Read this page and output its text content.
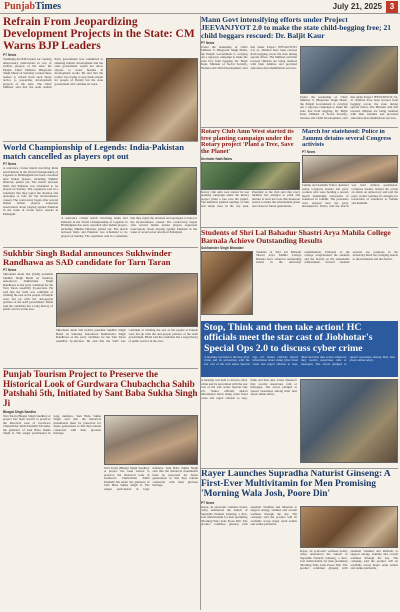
PunjabTimes	July 21, 2025 3
Refrain From Jeopardizing Development Projects in the State: CM Warns BJP Leaders
PT News
Slamming the BJP leaders for creating unnecessary obstructions in way of welfare projects of the state, the Punjab Chief Minister Bhagwant Singh Mann on Saturday warned these leaders to refrain from such cheap tactics to jeopardize development projects of the state. The Chief Minister said that the Aam Aadmi Party government was committed to ensuring holistic development and the state government would not allow anyone to create hurdles in development works. He said that the Centre was trying to stop funds meant for people of Punjab but the state government will continue its work.
World Championship of Legends: India-Pakistan match cancelled as players opt out
PT News
A relevance cricket match involving India and Pakistan in the World Championship of Legends in Birmingham has been cancelled after Indian players, including Shikhar Dhawan, pulled out. The match between India and Pakistan was scheduled to be played on Sunday. The organisers said in a statement that they regret the decision and apologise to fans for the inconvenience caused. The controversy began after several Indian former players expressed reservations about playing against Pakistan in the wake of recent terror attacks in Pahalgam.
A relevance cricket match involving India and Pakistan in the World Championship of Legends in Birmingham has been cancelled after Indian players, including Shikhar Dhawan, pulled out. The match between India and Pakistan was scheduled to be played on Sunday. The organisers said in a statement that they regret the decision and apologise to fans for the inconvenience caused. The controversy began after several Indian former players expressed reservations about playing against Pakistan in the wake of recent terror attacks in Pahalgam.
Sukhbir Singh Badal announces Sukhwinder Randhawa as SAD candidate for Tarn Taran
PT News
Shiromani Akali Dal (SAD) president Sukhbir Singh Badal on Saturday announced Sukhwinder Singh Randhawa as the party candidate for the Tarn Taran assembly by-election. He said that the SAD was confident of winning the seat as the people of Punjab were fed up with the anti-people policies of the AAP government. Badal said the candidate has a long history of public service in the area.
Shiromani Akali Dal (SAD) president Sukhbir Singh Badal on Saturday announced Sukhwinder Singh Randhawa as the party candidate for the Tarn Taran assembly by-election. He said that the SAD was confident of winning the seat as the people of Punjab were fed up with the anti-people policies of the AAP government. Badal said the candidate has a long history of public service in the area.
Punjab Tourism Project to Preserve the Historical Look of Gurdwara Chubachcha Sahib Patshahi 5th, Initiated by Sant Baba Sukha Singh Ji
Bhagat Singh Sandhu
Tarn Taran (Bhagat Singh Sandhu): A project has been started to preserve the historical look of Gurdwara Chubachcha Sahib Patshahi 5th under the guidance of Sant Baba Sukha Singh Ji. The sangat participated in large numbers. Sant Baba Sukha Singh said that the historical monuments must be preserved for future generations so that they remain connected with their glorious heritage.
Tarn Taran (Bhagat Singh Sandhu): A project has been started to preserve the historical look of Gurdwara Chubachcha Sahib Patshahi 5th under the guidance of Sant Baba Sukha Singh Ji. The sangat participated in large numbers. Sant Baba Sukha Singh said that the historical monuments must be preserved for future generations so that they remain connected with their glorious heritage.
Mann Govt intensifying efforts under Project JEEVANJYOT 2.0 to make the state child-begging free; 21 child beggars rescued: Dr. Baljit Kaur
PT News
Under the leadership of Chief Minister S. Bhagwant Singh Mann, the Punjab Government is carrying out a vigorous campaign to make the state free from begging. Dr. Baljit Kaur, Minister of Social Security, Women and Child Development, said that under Project JEEVANJYOT 2.0, 21 children have been rescued from begging across the state during special drives. The Minister said that rescued children are being reunited with their families and provided education and rehabilitation services.
Under the leadership of Chief Minister S. Bhagwant Singh Mann, the Punjab Government is carrying out a vigorous campaign to make the state free from begging. Dr. Baljit Kaur, Minister of Social Security, Women and Child Development, said that under Project JEEVANJYOT 2.0, 21 children have been rescued from begging across the state during special drives. The Minister said that rescued children are being reunited with their families and provided education and rehabilitation services.
Rotary Club Amn West started its tree planting campaign under the Rotary project 'Plant a Tree, Save the Planet'
Devinder Nath Bains
Rotary club amn west started its tree planting campaign under the Rotary project 'plant a tree save the planet'. The members planted saplings of fruit and shady trees in the city park. President of the club said that every member has pledged to plant and nurture at least ten trees this monsoon season to make the environment green and clean for future generations.
March for statehood: Police in Jammu detains several Congress activists
PT News
Jammu and Kashmir Police detained senior Congress leaders and party workers who were holding a protest march demanding restoration of statehood in Jammu. The protesters were stopped near the party headquarters. Police said the march was held without permission. Congress leaders termed the action an attack on democracy and said the party would continue its struggle for restoration of statehood to Jammu and Kashmir.
Students of Shri Lal Bahadur Shastri Arya Mahila College Barnala Achieve Outstanding Results
Sukhwinder Singh Bhandari
Students of Shri Lal Bahadur Shastri Arya Mahila College Barnala have achieved outstanding results in the university examinations. Principal of the college congratulated the students and the faculty on the remarkable achievement. Several students secured top positions in the university merit list, bringing laurels to the institution and the district.
Stop, Think and then take action! HC officials meet the star cast of Jiobhotar's Special Ops 2.0 to discuss cyber crime
A meeting was held to discuss cyber crime and its prevention with the star cast of the web series Special Ops 2.0. Senior officials shared information about rising cyber fraud cases and urged citizens to stop, think and then take action whenever they receive suspicious calls or messages. The actors pledged to spread awareness among their fans about online safety.
A meeting was held to discuss cyber crime and its prevention with the star cast of the web series Special Ops 2.0. Senior officials shared information about rising cyber fraud cases and urged citizens to stop, think and then take action whenever they receive suspicious calls or messages. The actors pledged to spread awareness among their fans about online safety.
Rayer Launches Supradha Naturist Ginseng: A First-Ever Multivitamin for Men Promising 'Morning Wala Josh, Poore Din'
PT News
Rayer, an ayurvedic wellness brand, today announced the launch of Supradha Naturist Ginseng, a first-ever multivitamin for men promising 'Morning Wala Josh, Poore Din'. The product combines ginseng with essential vitamins and minerals to support energy, stamina and overall wellness through the day. The company said the product will be available across major retail outlets and online platforms.
Rayer, an ayurvedic wellness brand, today announced the launch of Supradha Naturist Ginseng, a first-ever multivitamin for men promising 'Morning Wala Josh, Poore Din'. The product combines ginseng with essential vitamins and minerals to support energy, stamina and overall wellness through the day. The company said the product will be available across major retail outlets and online platforms.
